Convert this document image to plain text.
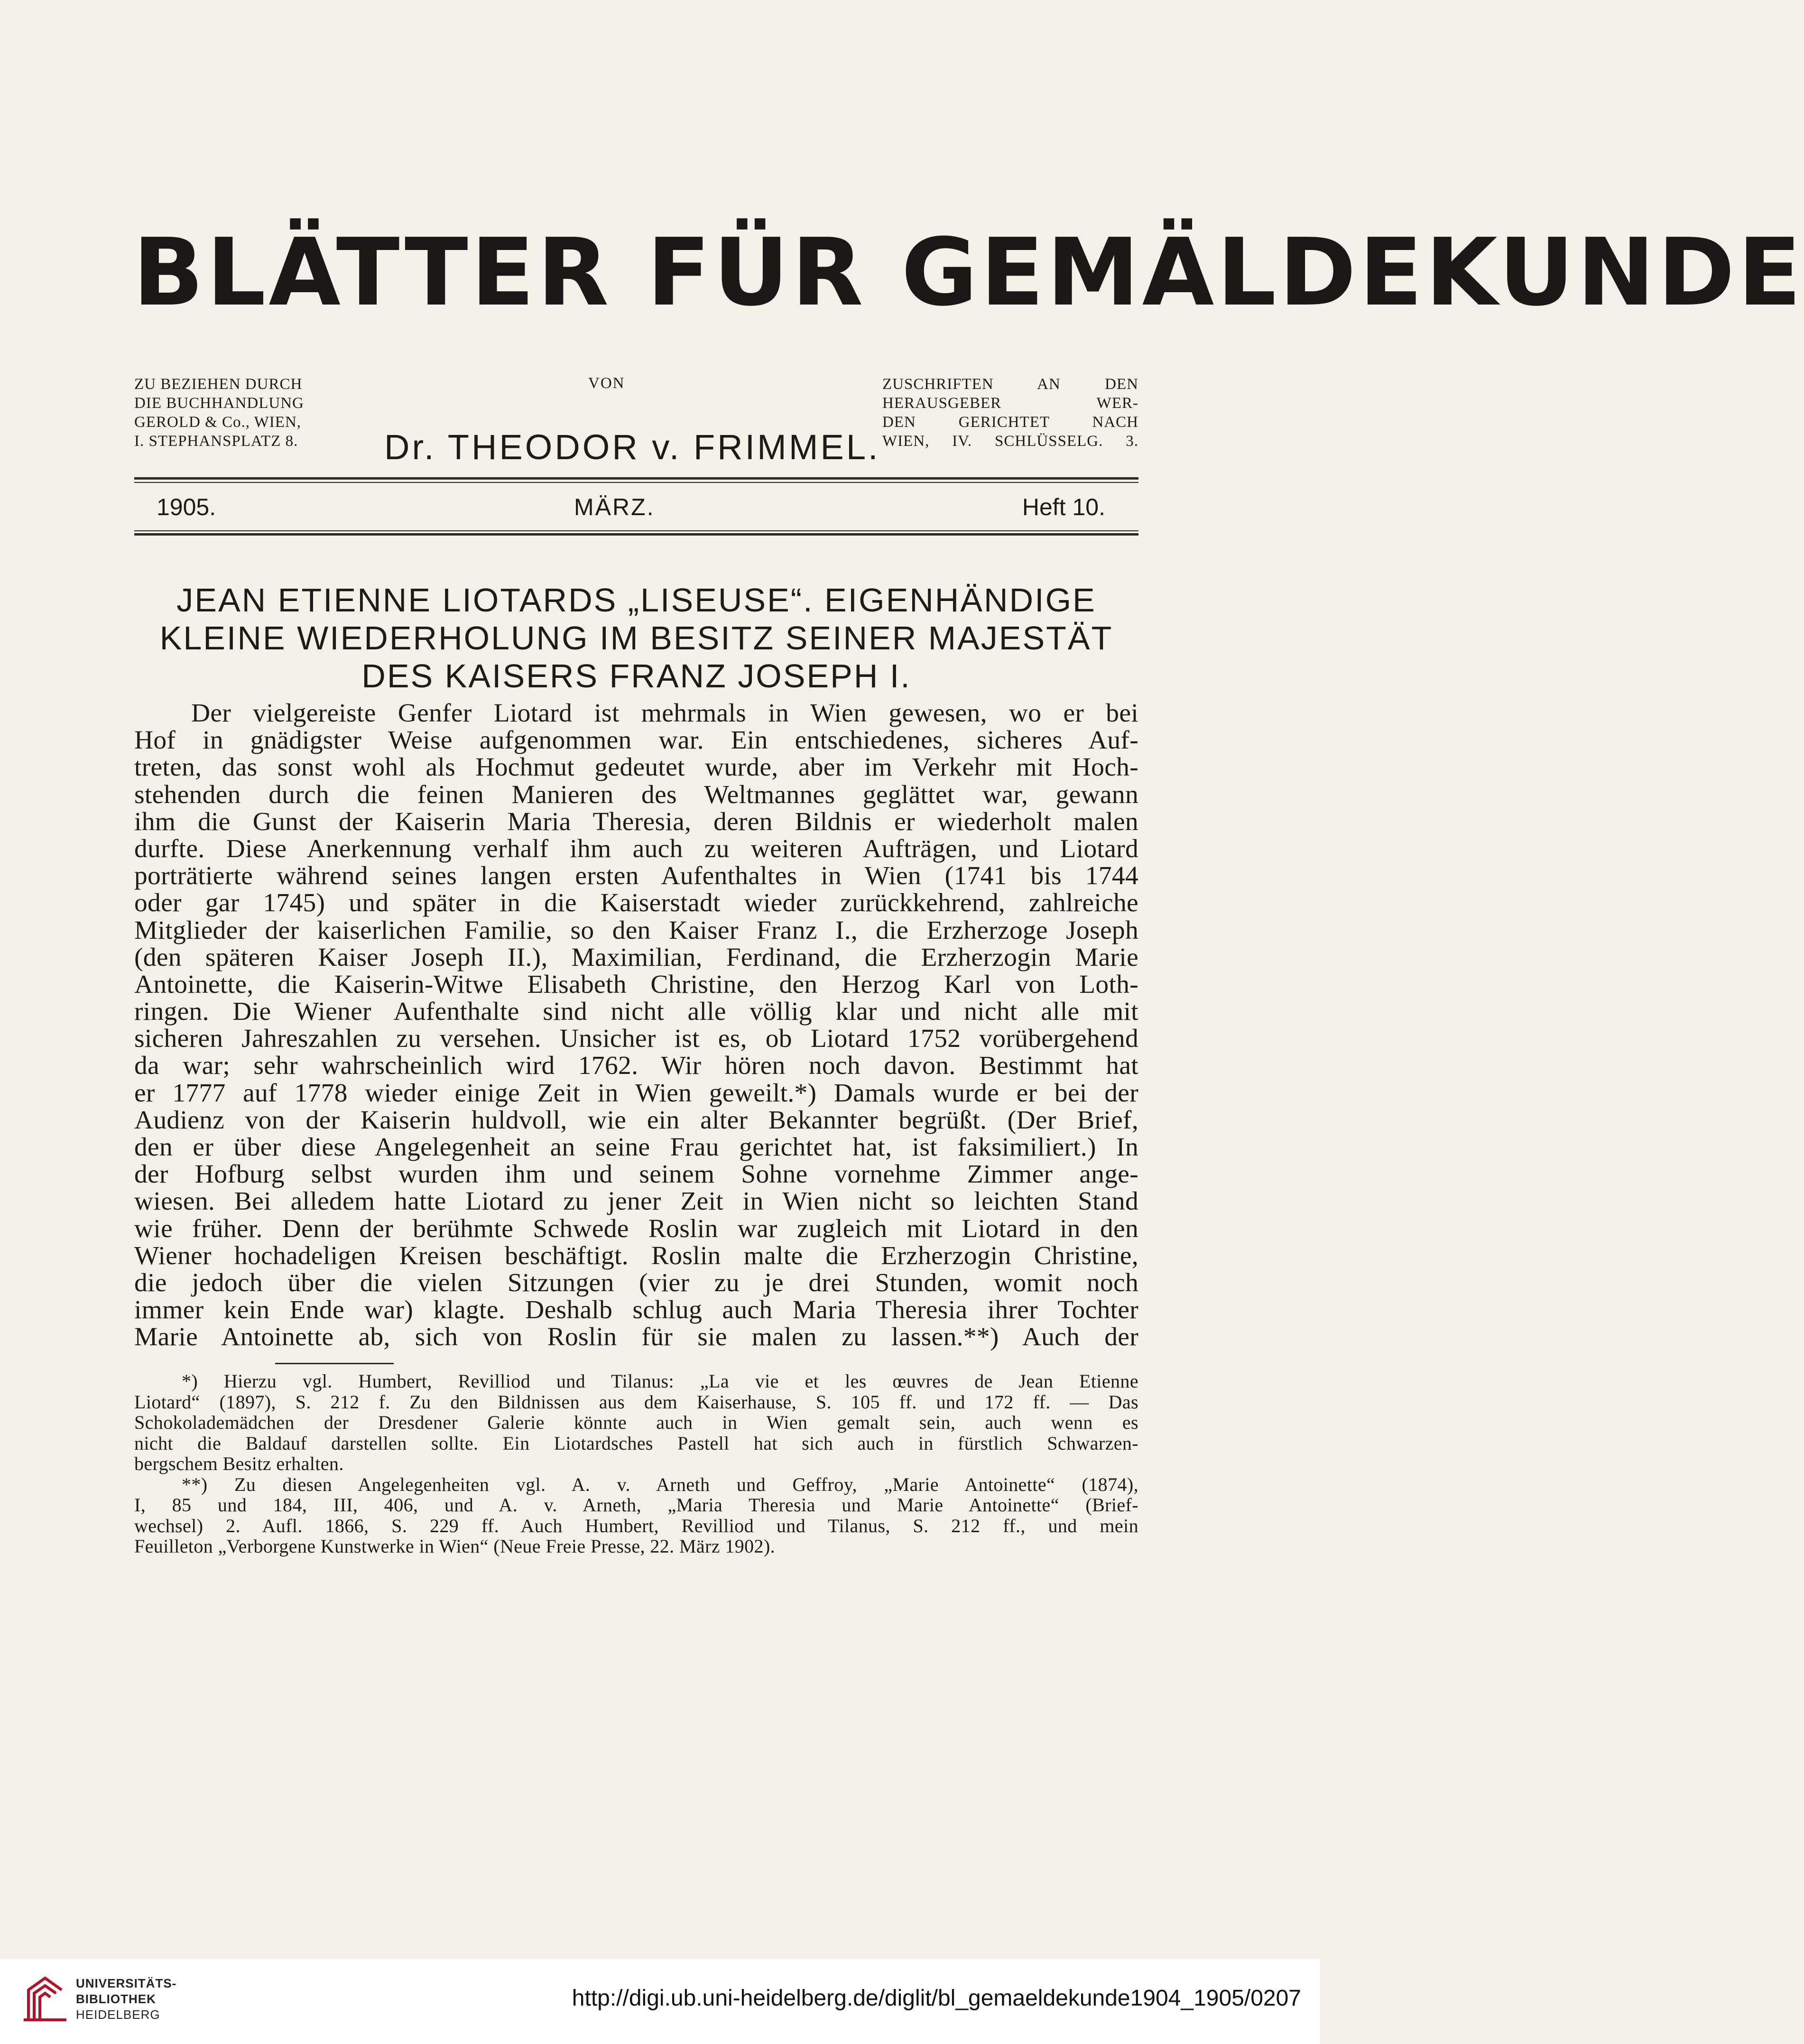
BLÄTTER FÜR GEMÄLDEKUNDE
ZU BEZIEHEN DURCH
DIE BUCHHANDLUNG
GEROLD & Co., WIEN,
I. STEPHANSPLATZ 8.
VON
Dr. THEODOR v. FRIMMEL.
ZUSCHRIFTEN AN DEN
HERAUSGEBER WER-
DEN GERICHTET NACH
WIEN, IV. SCHLÜSSELG. 3.
1905.	MÄRZ.	Heft 10.
JEAN ETIENNE LIOTARDS „LISEUSE“. EIGENHÄNDIGE
KLEINE WIEDERHOLUNG IM BESITZ SEINER MAJESTÄT
DES KAISERS FRANZ JOSEPH I.
Der vielgereiste Genfer Liotard ist mehrmals in Wien gewesen, wo er bei
Hof in gnädigster Weise aufgenommen war. Ein entschiedenes, sicheres Auf-
treten, das sonst wohl als Hochmut gedeutet wurde, aber im Verkehr mit Hoch-
stehenden durch die feinen Manieren des Weltmannes geglättet war, gewann
ihm die Gunst der Kaiserin Maria Theresia, deren Bildnis er wiederholt malen
durfte. Diese Anerkennung verhalf ihm auch zu weiteren Aufträgen, und Liotard
porträtierte während seines langen ersten Aufenthaltes in Wien (1741 bis 1744
oder gar 1745) und später in die Kaiserstadt wieder zurückkehrend, zahlreiche
Mitglieder der kaiserlichen Familie, so den Kaiser Franz I., die Erzherzoge Joseph
(den späteren Kaiser Joseph II.), Maximilian, Ferdinand, die Erzherzogin Marie
Antoinette, die Kaiserin-Witwe Elisabeth Christine, den Herzog Karl von Loth-
ringen. Die Wiener Aufenthalte sind nicht alle völlig klar und nicht alle mit
sicheren Jahreszahlen zu versehen. Unsicher ist es, ob Liotard 1752 vorübergehend
da war; sehr wahrscheinlich wird 1762. Wir hören noch davon. Bestimmt hat
er 1777 auf 1778 wieder einige Zeit in Wien geweilt.*) Damals wurde er bei der
Audienz von der Kaiserin huldvoll, wie ein alter Bekannter begrüßt. (Der Brief,
den er über diese Angelegenheit an seine Frau gerichtet hat, ist faksimiliert.) In
der Hofburg selbst wurden ihm und seinem Sohne vornehme Zimmer ange-
wiesen. Bei alledem hatte Liotard zu jener Zeit in Wien nicht so leichten Stand
wie früher. Denn der berühmte Schwede Roslin war zugleich mit Liotard in den
Wiener hochadeligen Kreisen beschäftigt. Roslin malte die Erzherzogin Christine,
die jedoch über die vielen Sitzungen (vier zu je drei Stunden, womit noch
immer kein Ende war) klagte. Deshalb schlug auch Maria Theresia ihrer Tochter
Marie Antoinette ab, sich von Roslin für sie malen zu lassen.**) Auch der
*) Hierzu vgl. Humbert, Revilliod und Tilanus: „La vie et les œuvres de Jean Etienne
Liotard“ (1897), S. 212 f. Zu den Bildnissen aus dem Kaiserhause, S. 105 ff. und 172 ff. — Das
Schokolademädchen der Dresdener Galerie könnte auch in Wien gemalt sein, auch wenn es
nicht die Baldauf darstellen sollte. Ein Liotardsches Pastell hat sich auch in fürstlich Schwarzen-
bergschem Besitz erhalten.
**) Zu diesen Angelegenheiten vgl. A. v. Arneth und Geffroy, „Marie Antoinette“ (1874),
I, 85 und 184, III, 406, und A. v. Arneth, „Maria Theresia und Marie Antoinette“ (Brief-
wechsel) 2. Aufl. 1866, S. 229 ff. Auch Humbert, Revilliod und Tilanus, S. 212 ff., und mein
Feuilleton „Verborgene Kunstwerke in Wien“ (Neue Freie Presse, 22. März 1902).
UNIVERSITÄTS-
BIBLIOTHEK
HEIDELBERG
http://digi.ub.uni-heidelberg.de/diglit/bl_gemaeldekunde1904_1905/0207
